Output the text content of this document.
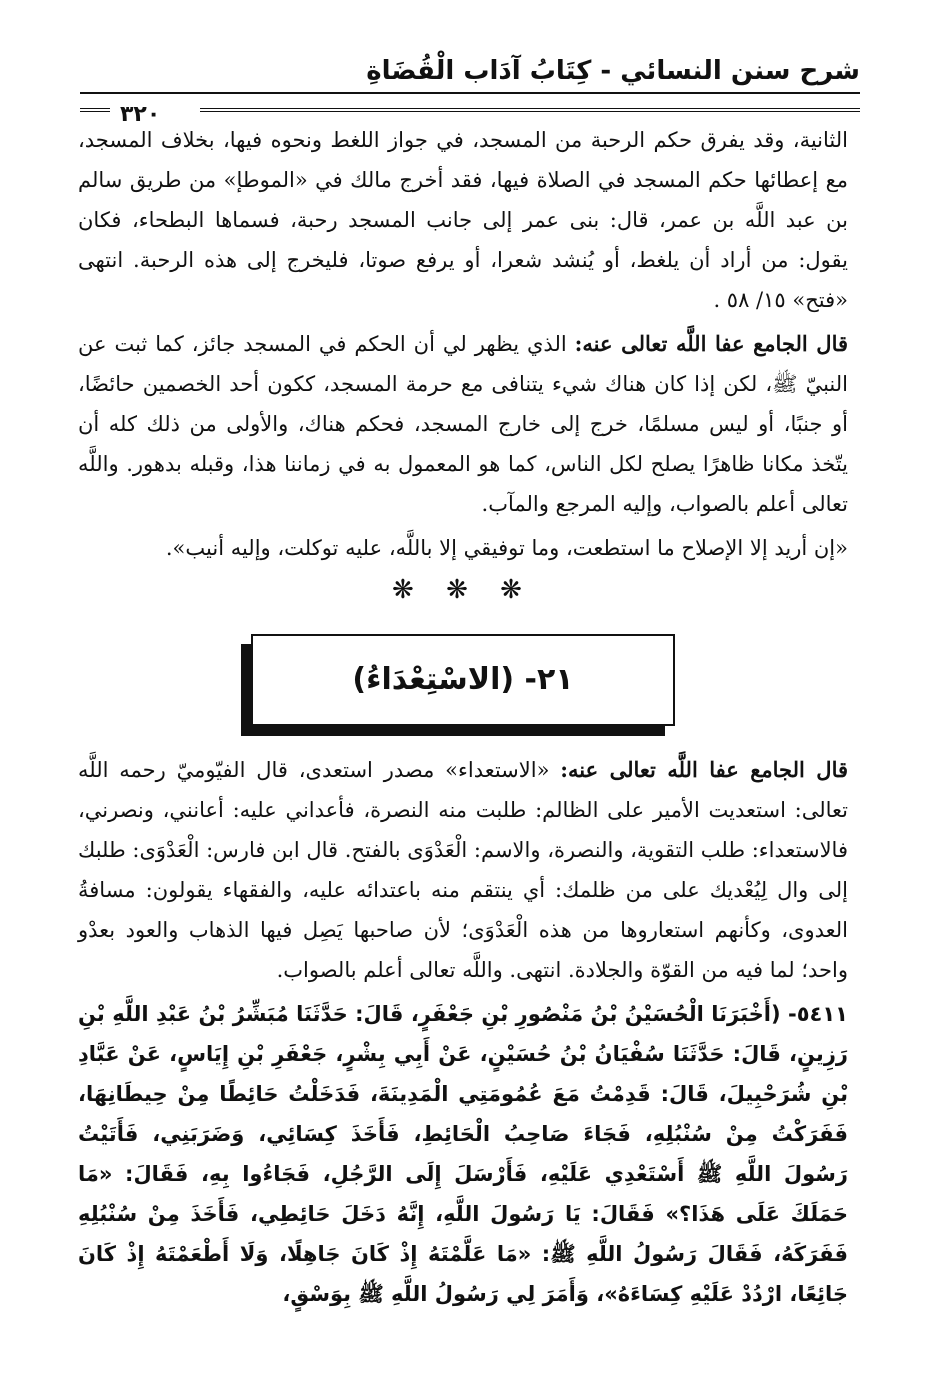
شرح سنن النسائي - كِتَابُ آدَاب الْقُضَاةِ
٣٢٠

الثانية، وقد يفرق حكم الرحبة من المسجد، في جواز اللغط ونحوه فيها، بخلاف المسجد، مع إعطائها حكم المسجد في الصلاة فيها، فقد أخرج مالك في «الموطإ» من طريق سالم بن عبد اللَّه بن عمر، قال: بنى عمر إلى جانب المسجد رحبة، فسماها البطحاء، فكان يقول: من أراد أن يلغط، أو يُنشد شعرا، أو يرفع صوتا، فليخرج إلى هذه الرحبة. انتهى «فتح» ١٥/ ٥٨ .

قال الجامع عفا اللَّه تعالى عنه: الذي يظهر لي أن الحكم في المسجد جائز، كما ثبت عن النبيّ ﷺ، لكن إذا كان هناك شيء يتنافى مع حرمة المسجد، ككون أحد الخصمين حائضًا، أو جنبًا، أو ليس مسلمًا، خرج إلى خارج المسجد، فحكم هناك، والأولى من ذلك كله أن يتّخذ مكانا ظاهرًا يصلح لكل الناس، كما هو المعمول به في زماننا هذا، وقبله بدهور. واللَّه تعالى أعلم بالصواب، وإليه المرجع والمآب.

«إن أريد إلا الإصلاح ما استطعت، وما توفيقي إلا باللَّه، عليه توكلت، وإليه أنيب».

❋ ❋ ❋
٢١- (الاسْتِعْدَاءُ)

قال الجامع عفا اللَّه تعالى عنه: «الاستعداء» مصدر استعدى، قال الفيّوميّ رحمه اللَّه تعالى: استعديت الأمير على الظالم: طلبت منه النصرة، فأعداني عليه: أعانني، ونصرني، فالاستعداء: طلب التقوية، والنصرة، والاسم: الْعَدْوَى بالفتح. قال ابن فارس: الْعَدْوَى: طلبك إلى وال لِيُعْديك على من ظلمك: أي ينتقم منه باعتدائه عليه، والفقهاء يقولون: مسافةُ العدوى، وكأنهم استعاروها من هذه الْعَدْوَى؛ لأن صاحبها يَصِل فيها الذهاب والعود بعدْو واحد؛ لما فيه من القوّة والجلادة. انتهى. واللَّه تعالى أعلم بالصواب.

٥٤١١- (أَخْبَرَنَا الْحُسَيْنُ بْنُ مَنْصُورِ بْنِ جَعْفَرٍ، قَالَ: حَدَّثَنَا مُبَشِّرُ بْنُ عَبْدِ اللَّهِ بْنِ رَزِينٍ، قَالَ: حَدَّثَنَا سُفْيَانُ بْنُ حُسَيْنٍ، عَنْ أَبِي بِشْرٍ، جَعْفَرِ بْنِ إِيَاسٍ، عَنْ عَبَّادِ بْنِ شُرَحْبِيلَ، قَالَ: قَدِمْتُ مَعَ عُمُومَتِي الْمَدِينَةَ، فَدَخَلْتُ حَائِطًا مِنْ حِيطَانِهَا، فَفَرَكْتُ مِنْ سُنْبُلِهِ، فَجَاءَ صَاحِبُ الْحَائِطِ، فَأَخَذَ كِسَائِي، وَضَرَبَنِي، فَأَتَيْتُ رَسُولَ اللَّهِ ﷺ أَسْتَعْدِي عَلَيْهِ، فَأَرْسَلَ إِلَى الرَّجُلِ، فَجَاءُوا بِهِ، فَقَالَ: «مَا حَمَلَكَ عَلَى هَذَا؟» فَقَالَ: يَا رَسُولَ اللَّهِ، إِنَّهُ دَخَلَ حَائِطِي، فَأَخَذَ مِنْ سُنْبُلِهِ فَفَرَكَهُ، فَقَالَ رَسُولُ اللَّهِ ﷺ: «مَا عَلَّمْتَهُ إِذْ كَانَ جَاهِلًا، وَلَا أَطْعَمْتَهُ إِذْ كَانَ جَائِعًا، ارْدُدْ عَلَيْهِ كِسَاءَهُ»، وَأَمَرَ لِي رَسُولُ اللَّهِ ﷺ بِوَسْقٍ،
